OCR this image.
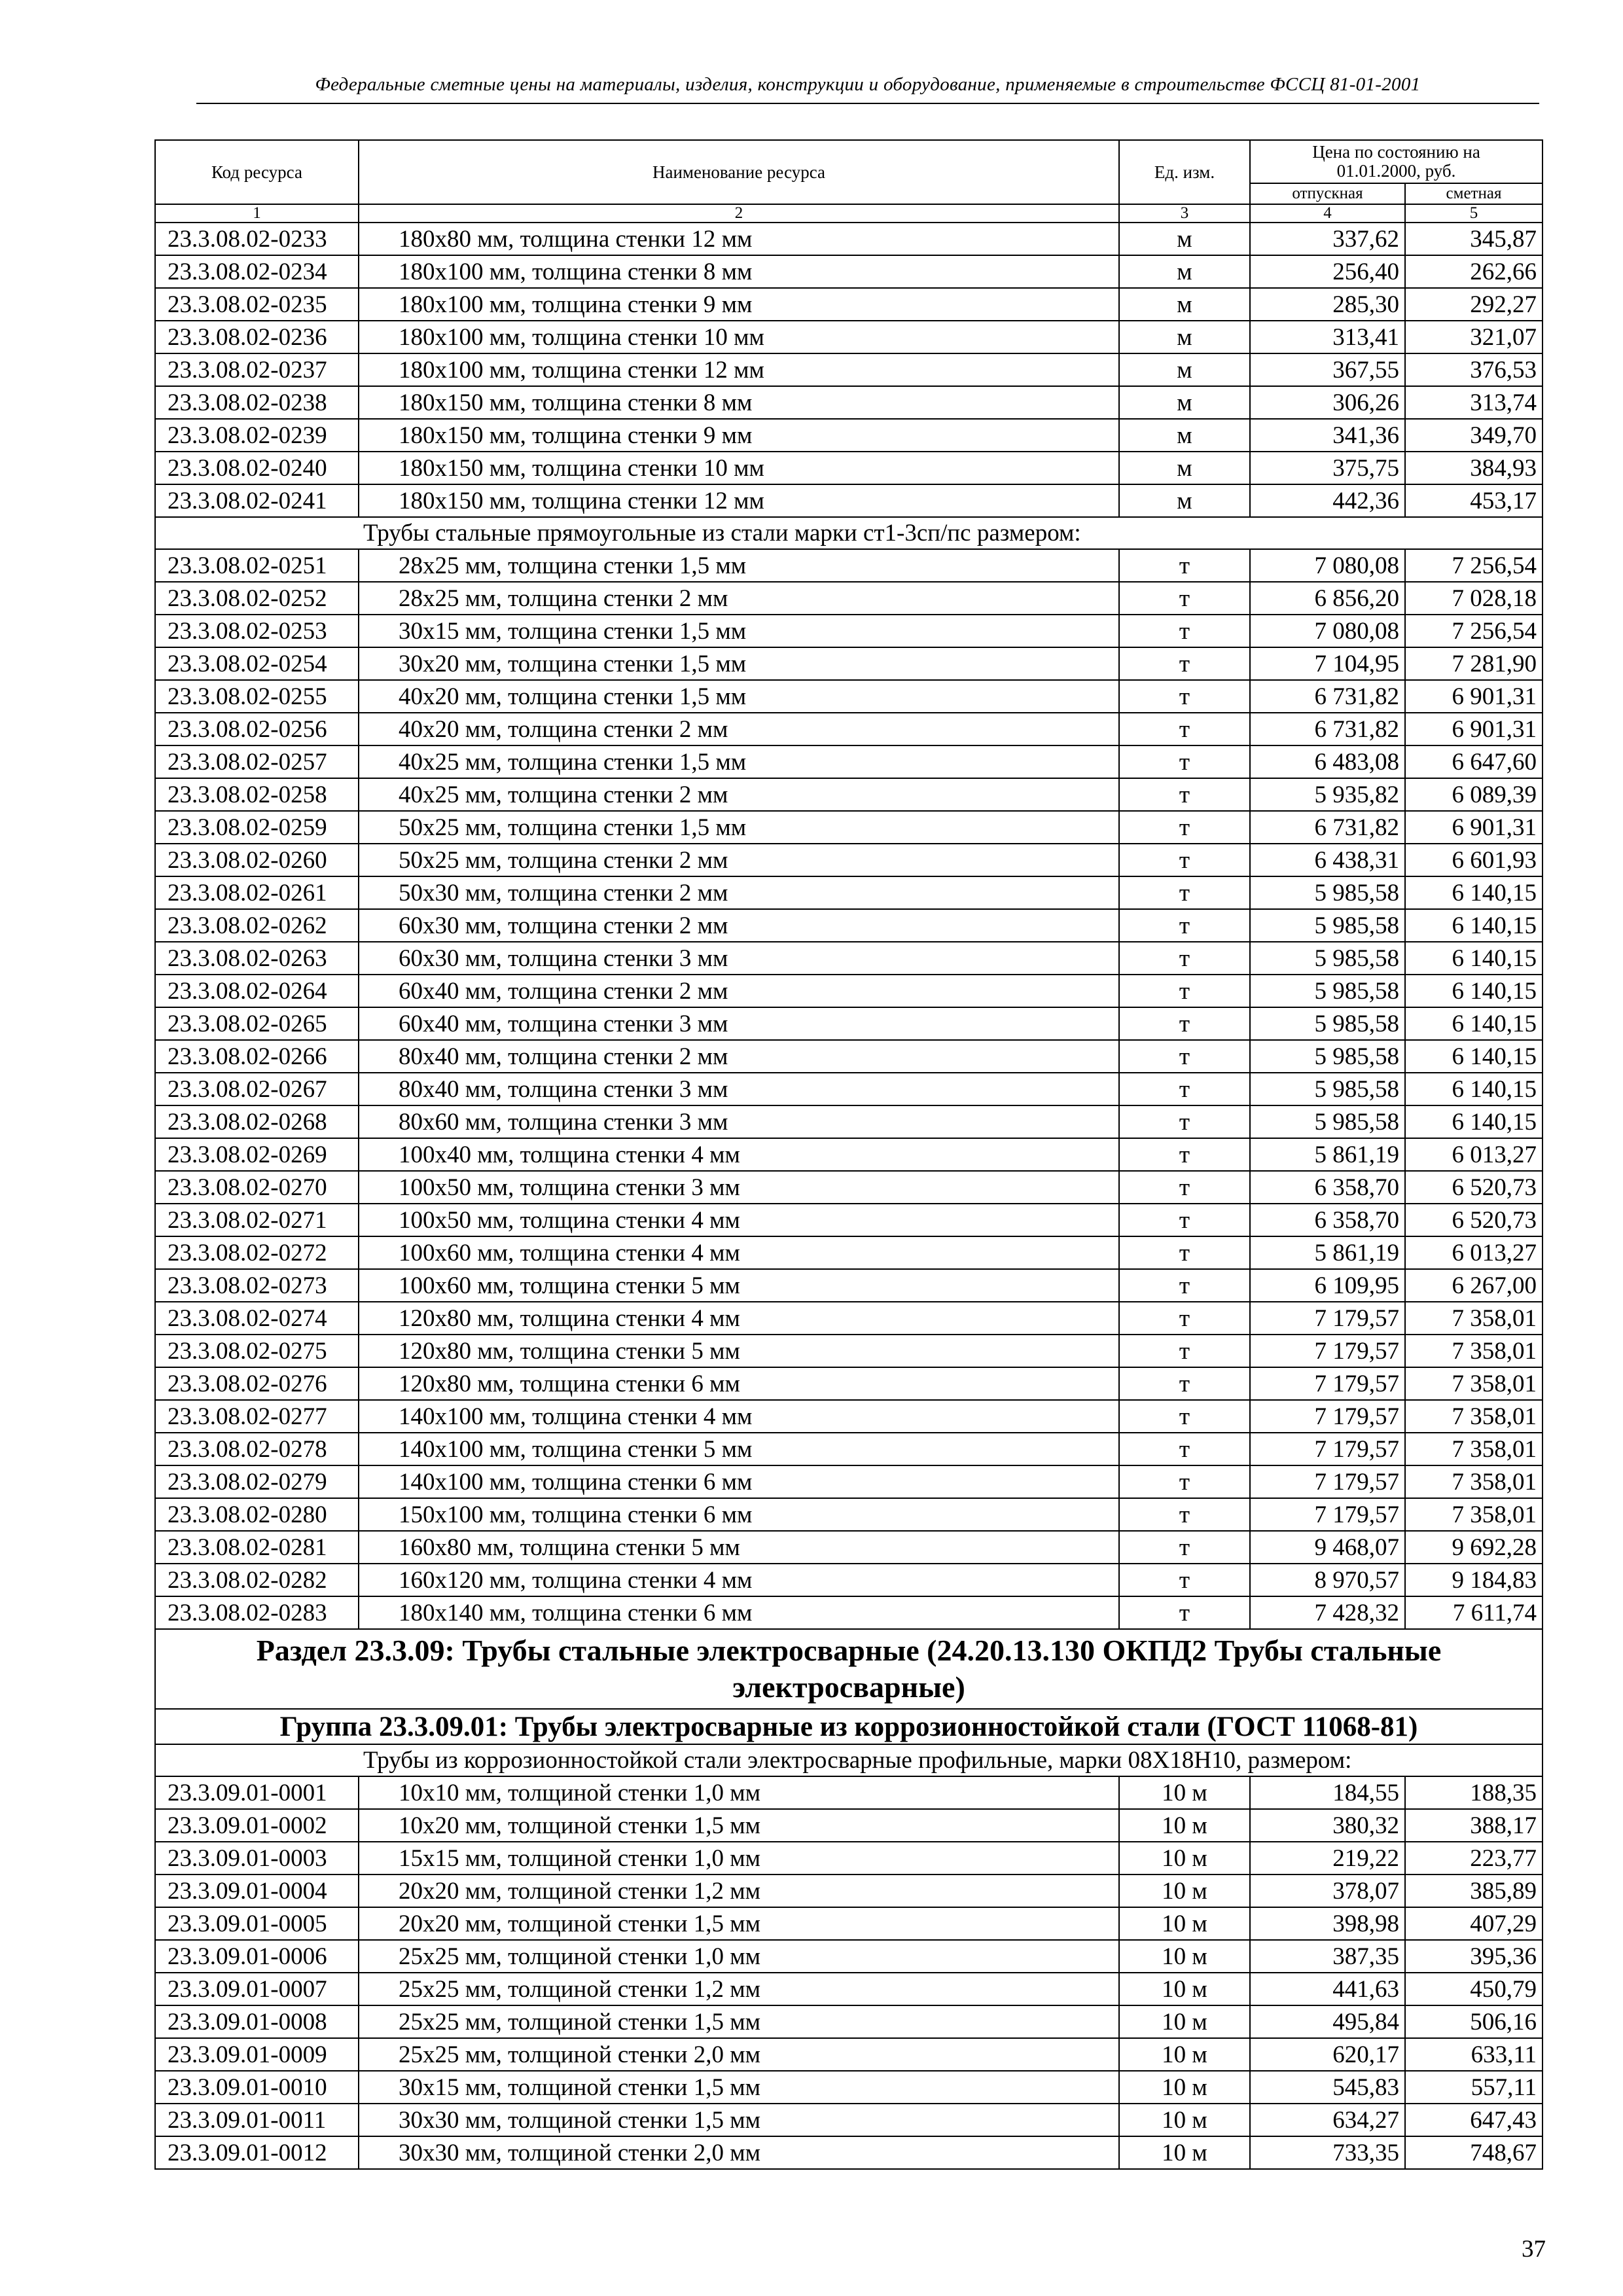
Федеральные сметные цены на материалы, изделия, конструкции и оборудование, применяемые в строительстве ФССЦ 81-01-2001
Код ресурса	Наименование ресурса	Ед. изм.	Цена по состоянию на 01.01.2000, руб.	
			отпускная	сметная
1	2	3	4	5
23.3.08.02-0233	180x80 мм, толщина стенки 12 мм	м	337,62	345,87
23.3.08.02-0234	180x100 мм, толщина стенки 8 мм	м	256,40	262,66
23.3.08.02-0235	180x100 мм, толщина стенки 9 мм	м	285,30	292,27
23.3.08.02-0236	180x100 мм, толщина стенки 10 мм	м	313,41	321,07
23.3.08.02-0237	180x100 мм, толщина стенки 12 мм	м	367,55	376,53
23.3.08.02-0238	180x150 мм, толщина стенки 8 мм	м	306,26	313,74
23.3.08.02-0239	180x150 мм, толщина стенки 9 мм	м	341,36	349,70
23.3.08.02-0240	180x150 мм, толщина стенки 10 мм	м	375,75	384,93
23.3.08.02-0241	180x150 мм, толщина стенки 12 мм	м	442,36	453,17
Трубы стальные прямоугольные из стали марки ст1-3сп/пс размером:				
23.3.08.02-0251	28x25 мм, толщина стенки 1,5 мм	т	7 080,08	7 256,54
23.3.08.02-0252	28x25 мм, толщина стенки 2 мм	т	6 856,20	7 028,18
23.3.08.02-0253	30x15 мм, толщина стенки 1,5 мм	т	7 080,08	7 256,54
23.3.08.02-0254	30x20 мм, толщина стенки 1,5 мм	т	7 104,95	7 281,90
23.3.08.02-0255	40x20 мм, толщина стенки 1,5 мм	т	6 731,82	6 901,31
23.3.08.02-0256	40x20 мм, толщина стенки 2 мм	т	6 731,82	6 901,31
23.3.08.02-0257	40x25 мм, толщина стенки 1,5 мм	т	6 483,08	6 647,60
23.3.08.02-0258	40x25 мм, толщина стенки 2 мм	т	5 935,82	6 089,39
23.3.08.02-0259	50x25 мм, толщина стенки 1,5 мм	т	6 731,82	6 901,31
23.3.08.02-0260	50x25 мм, толщина стенки 2 мм	т	6 438,31	6 601,93
23.3.08.02-0261	50x30 мм, толщина стенки 2 мм	т	5 985,58	6 140,15
23.3.08.02-0262	60x30 мм, толщина стенки 2 мм	т	5 985,58	6 140,15
23.3.08.02-0263	60x30 мм, толщина стенки 3 мм	т	5 985,58	6 140,15
23.3.08.02-0264	60x40 мм, толщина стенки 2 мм	т	5 985,58	6 140,15
23.3.08.02-0265	60x40 мм, толщина стенки 3 мм	т	5 985,58	6 140,15
23.3.08.02-0266	80x40 мм, толщина стенки 2 мм	т	5 985,58	6 140,15
23.3.08.02-0267	80x40 мм, толщина стенки 3 мм	т	5 985,58	6 140,15
23.3.08.02-0268	80x60 мм, толщина стенки 3 мм	т	5 985,58	6 140,15
23.3.08.02-0269	100x40 мм, толщина стенки 4 мм	т	5 861,19	6 013,27
23.3.08.02-0270	100x50 мм, толщина стенки 3 мм	т	6 358,70	6 520,73
23.3.08.02-0271	100x50 мм, толщина стенки 4 мм	т	6 358,70	6 520,73
23.3.08.02-0272	100x60 мм, толщина стенки 4 мм	т	5 861,19	6 013,27
23.3.08.02-0273	100x60 мм, толщина стенки 5 мм	т	6 109,95	6 267,00
23.3.08.02-0274	120x80 мм, толщина стенки 4 мм	т	7 179,57	7 358,01
23.3.08.02-0275	120x80 мм, толщина стенки 5 мм	т	7 179,57	7 358,01
23.3.08.02-0276	120x80 мм, толщина стенки 6 мм	т	7 179,57	7 358,01
23.3.08.02-0277	140x100 мм, толщина стенки 4 мм	т	7 179,57	7 358,01
23.3.08.02-0278	140x100 мм, толщина стенки 5 мм	т	7 179,57	7 358,01
23.3.08.02-0279	140x100 мм, толщина стенки 6 мм	т	7 179,57	7 358,01
23.3.08.02-0280	150x100 мм, толщина стенки 6 мм	т	7 179,57	7 358,01
23.3.08.02-0281	160x80 мм, толщина стенки 5 мм	т	9 468,07	9 692,28
23.3.08.02-0282	160x120 мм, толщина стенки 4 мм	т	8 970,57	9 184,83
23.3.08.02-0283	180x140 мм, толщина стенки 6 мм	т	7 428,32	7 611,74
Раздел 23.3.09: Трубы стальные электросварные (24.20.13.130 ОКПД2 Трубы стальные электросварные)				
Группа 23.3.09.01: Трубы электросварные из коррозионностойкой стали (ГОСТ 11068-81)				
Трубы из коррозионностойкой стали электросварные профильные, марки 08Х18Н10, размером:				
23.3.09.01-0001	10x10 мм, толщиной стенки 1,0 мм	10 м	184,55	188,35
23.3.09.01-0002	10x20 мм, толщиной стенки 1,5 мм	10 м	380,32	388,17
23.3.09.01-0003	15x15 мм, толщиной стенки 1,0 мм	10 м	219,22	223,77
23.3.09.01-0004	20x20 мм, толщиной стенки 1,2 мм	10 м	378,07	385,89
23.3.09.01-0005	20x20 мм, толщиной стенки 1,5 мм	10 м	398,98	407,29
23.3.09.01-0006	25x25 мм, толщиной стенки 1,0 мм	10 м	387,35	395,36
23.3.09.01-0007	25x25 мм, толщиной стенки 1,2 мм	10 м	441,63	450,79
23.3.09.01-0008	25x25 мм, толщиной стенки 1,5 мм	10 м	495,84	506,16
23.3.09.01-0009	25x25 мм, толщиной стенки 2,0 мм	10 м	620,17	633,11
23.3.09.01-0010	30x15 мм, толщиной стенки 1,5 мм	10 м	545,83	557,11
23.3.09.01-0011	30x30 мм, толщиной стенки 1,5 мм	10 м	634,27	647,43
23.3.09.01-0012	30x30 мм, толщиной стенки 2,0 мм	10 м	733,35	748,67
37
